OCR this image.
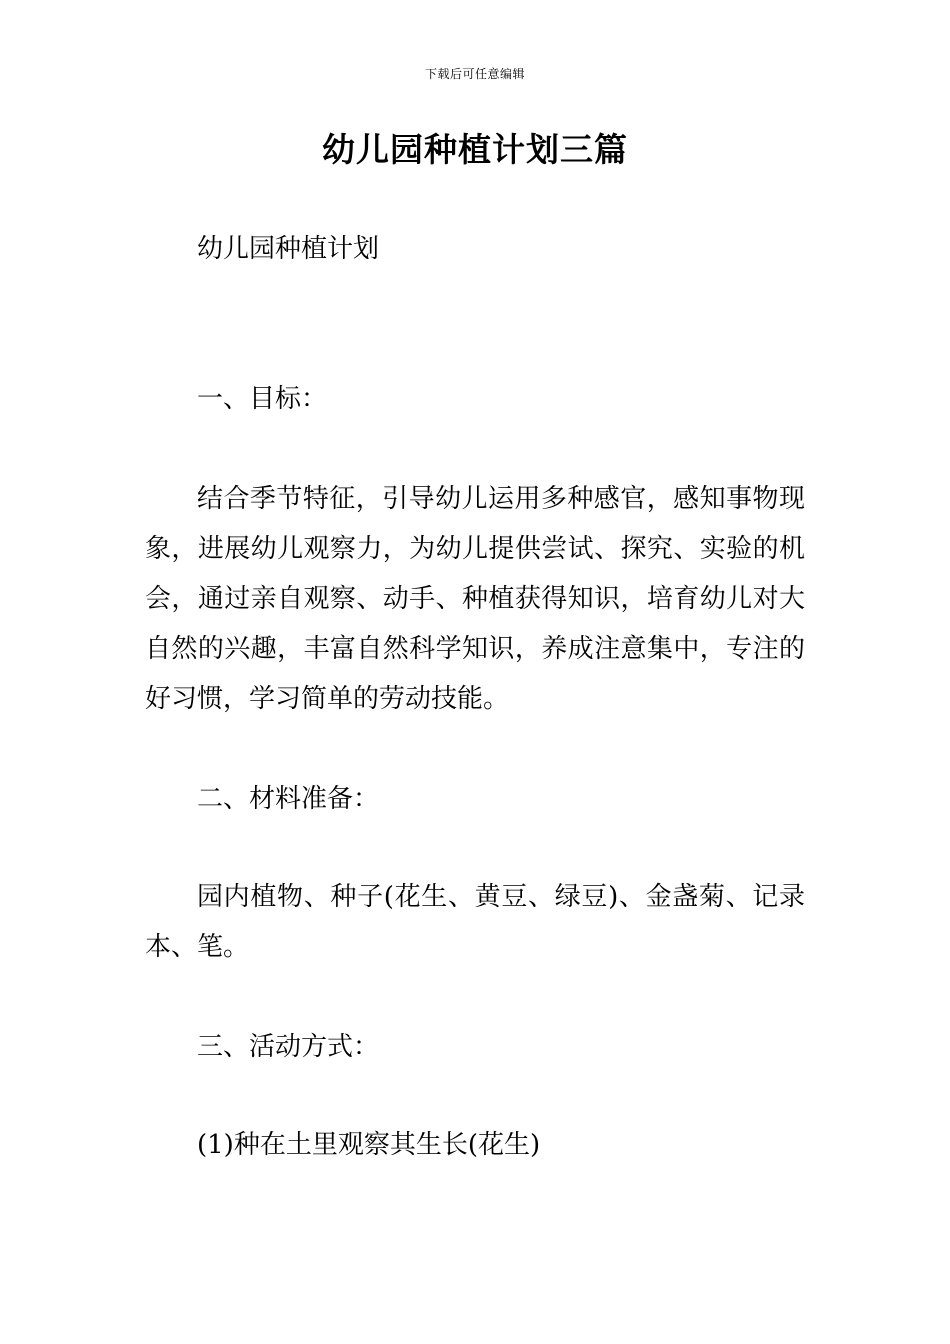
下载后可任意编辑
幼儿园种植计划三篇

幼儿园种植计划

一、目标：

结合季节特征，引导幼儿运用多种感官，感知事物现象，进展幼儿观察力，为幼儿提供尝试、探究、实验的机会，通过亲自观察、动手、种植获得知识，培育幼儿对大自然的兴趣，丰富自然科学知识，养成注意集中，专注的好习惯，学习简单的劳动技能。

二、材料准备：

园内植物、种子(花生、黄豆、绿豆)、金盏菊、记录本、笔。

三、活动方式：

(1)种在土里观察其生长(花生)
